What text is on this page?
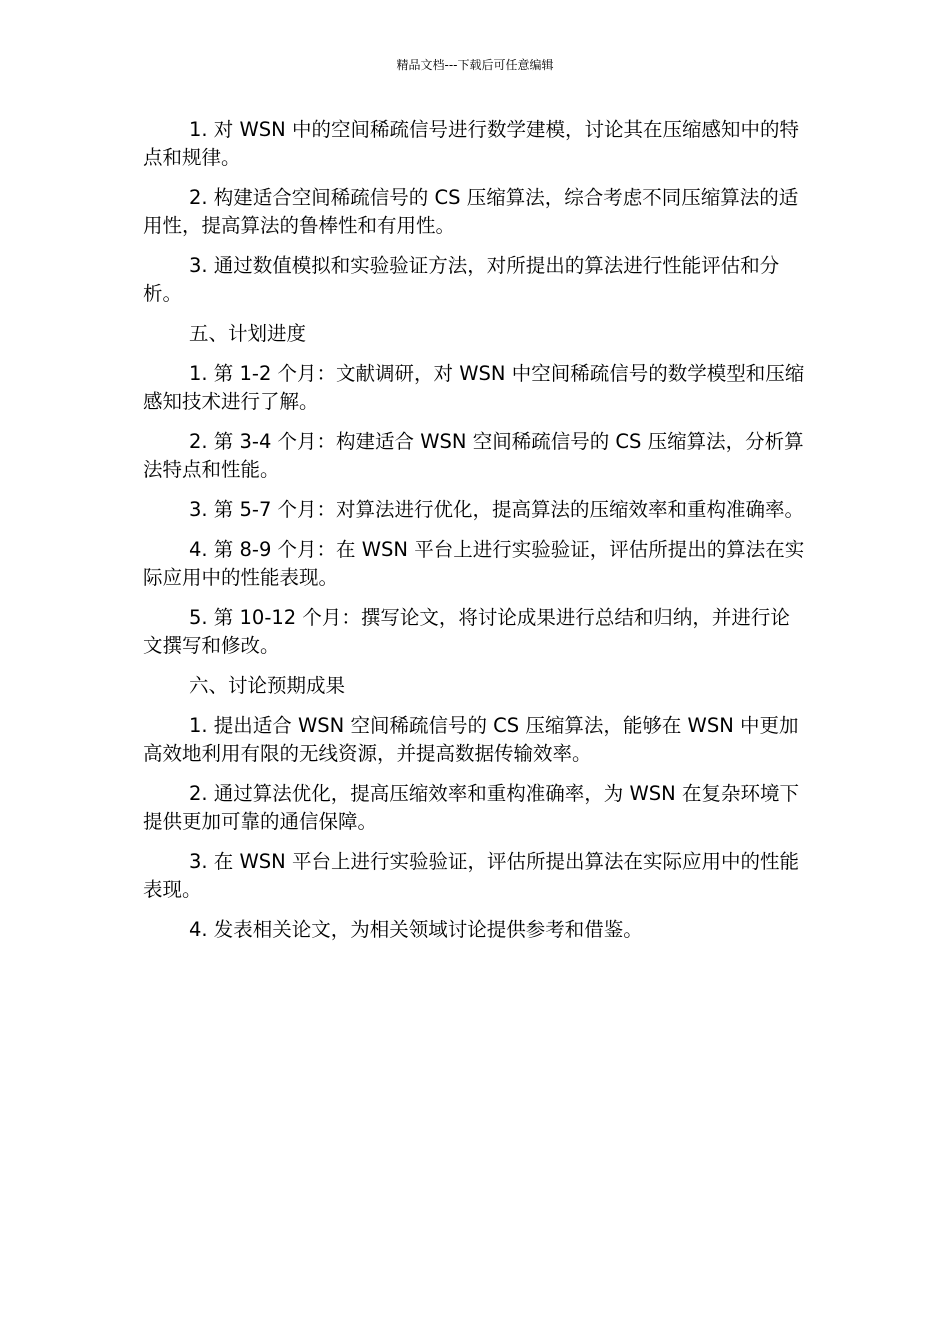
精品文档---下载后可任意编辑

1. 对 WSN 中的空间稀疏信号进行数学建模，讨论其在压缩感知中的特点和规律。

2. 构建适合空间稀疏信号的 CS 压缩算法，综合考虑不同压缩算法的适用性，提高算法的鲁棒性和有用性。

3. 通过数值模拟和实验验证方法，对所提出的算法进行性能评估和分析。

五、计划进度

1. 第 1-2 个月：文献调研，对 WSN 中空间稀疏信号的数学模型和压缩感知技术进行了解。

2. 第 3-4 个月：构建适合 WSN 空间稀疏信号的 CS 压缩算法，分析算法特点和性能。

3. 第 5-7 个月：对算法进行优化，提高算法的压缩效率和重构准确率。

4. 第 8-9 个月：在 WSN 平台上进行实验验证，评估所提出的算法在实际应用中的性能表现。

5. 第 10-12 个月：撰写论文，将讨论成果进行总结和归纳，并进行论文撰写和修改。

六、讨论预期成果

1. 提出适合 WSN 空间稀疏信号的 CS 压缩算法，能够在 WSN 中更加高效地利用有限的无线资源，并提高数据传输效率。

2. 通过算法优化，提高压缩效率和重构准确率，为 WSN 在复杂环境下提供更加可靠的通信保障。

3. 在 WSN 平台上进行实验验证，评估所提出算法在实际应用中的性能表现。

4. 发表相关论文，为相关领域讨论提供参考和借鉴。
